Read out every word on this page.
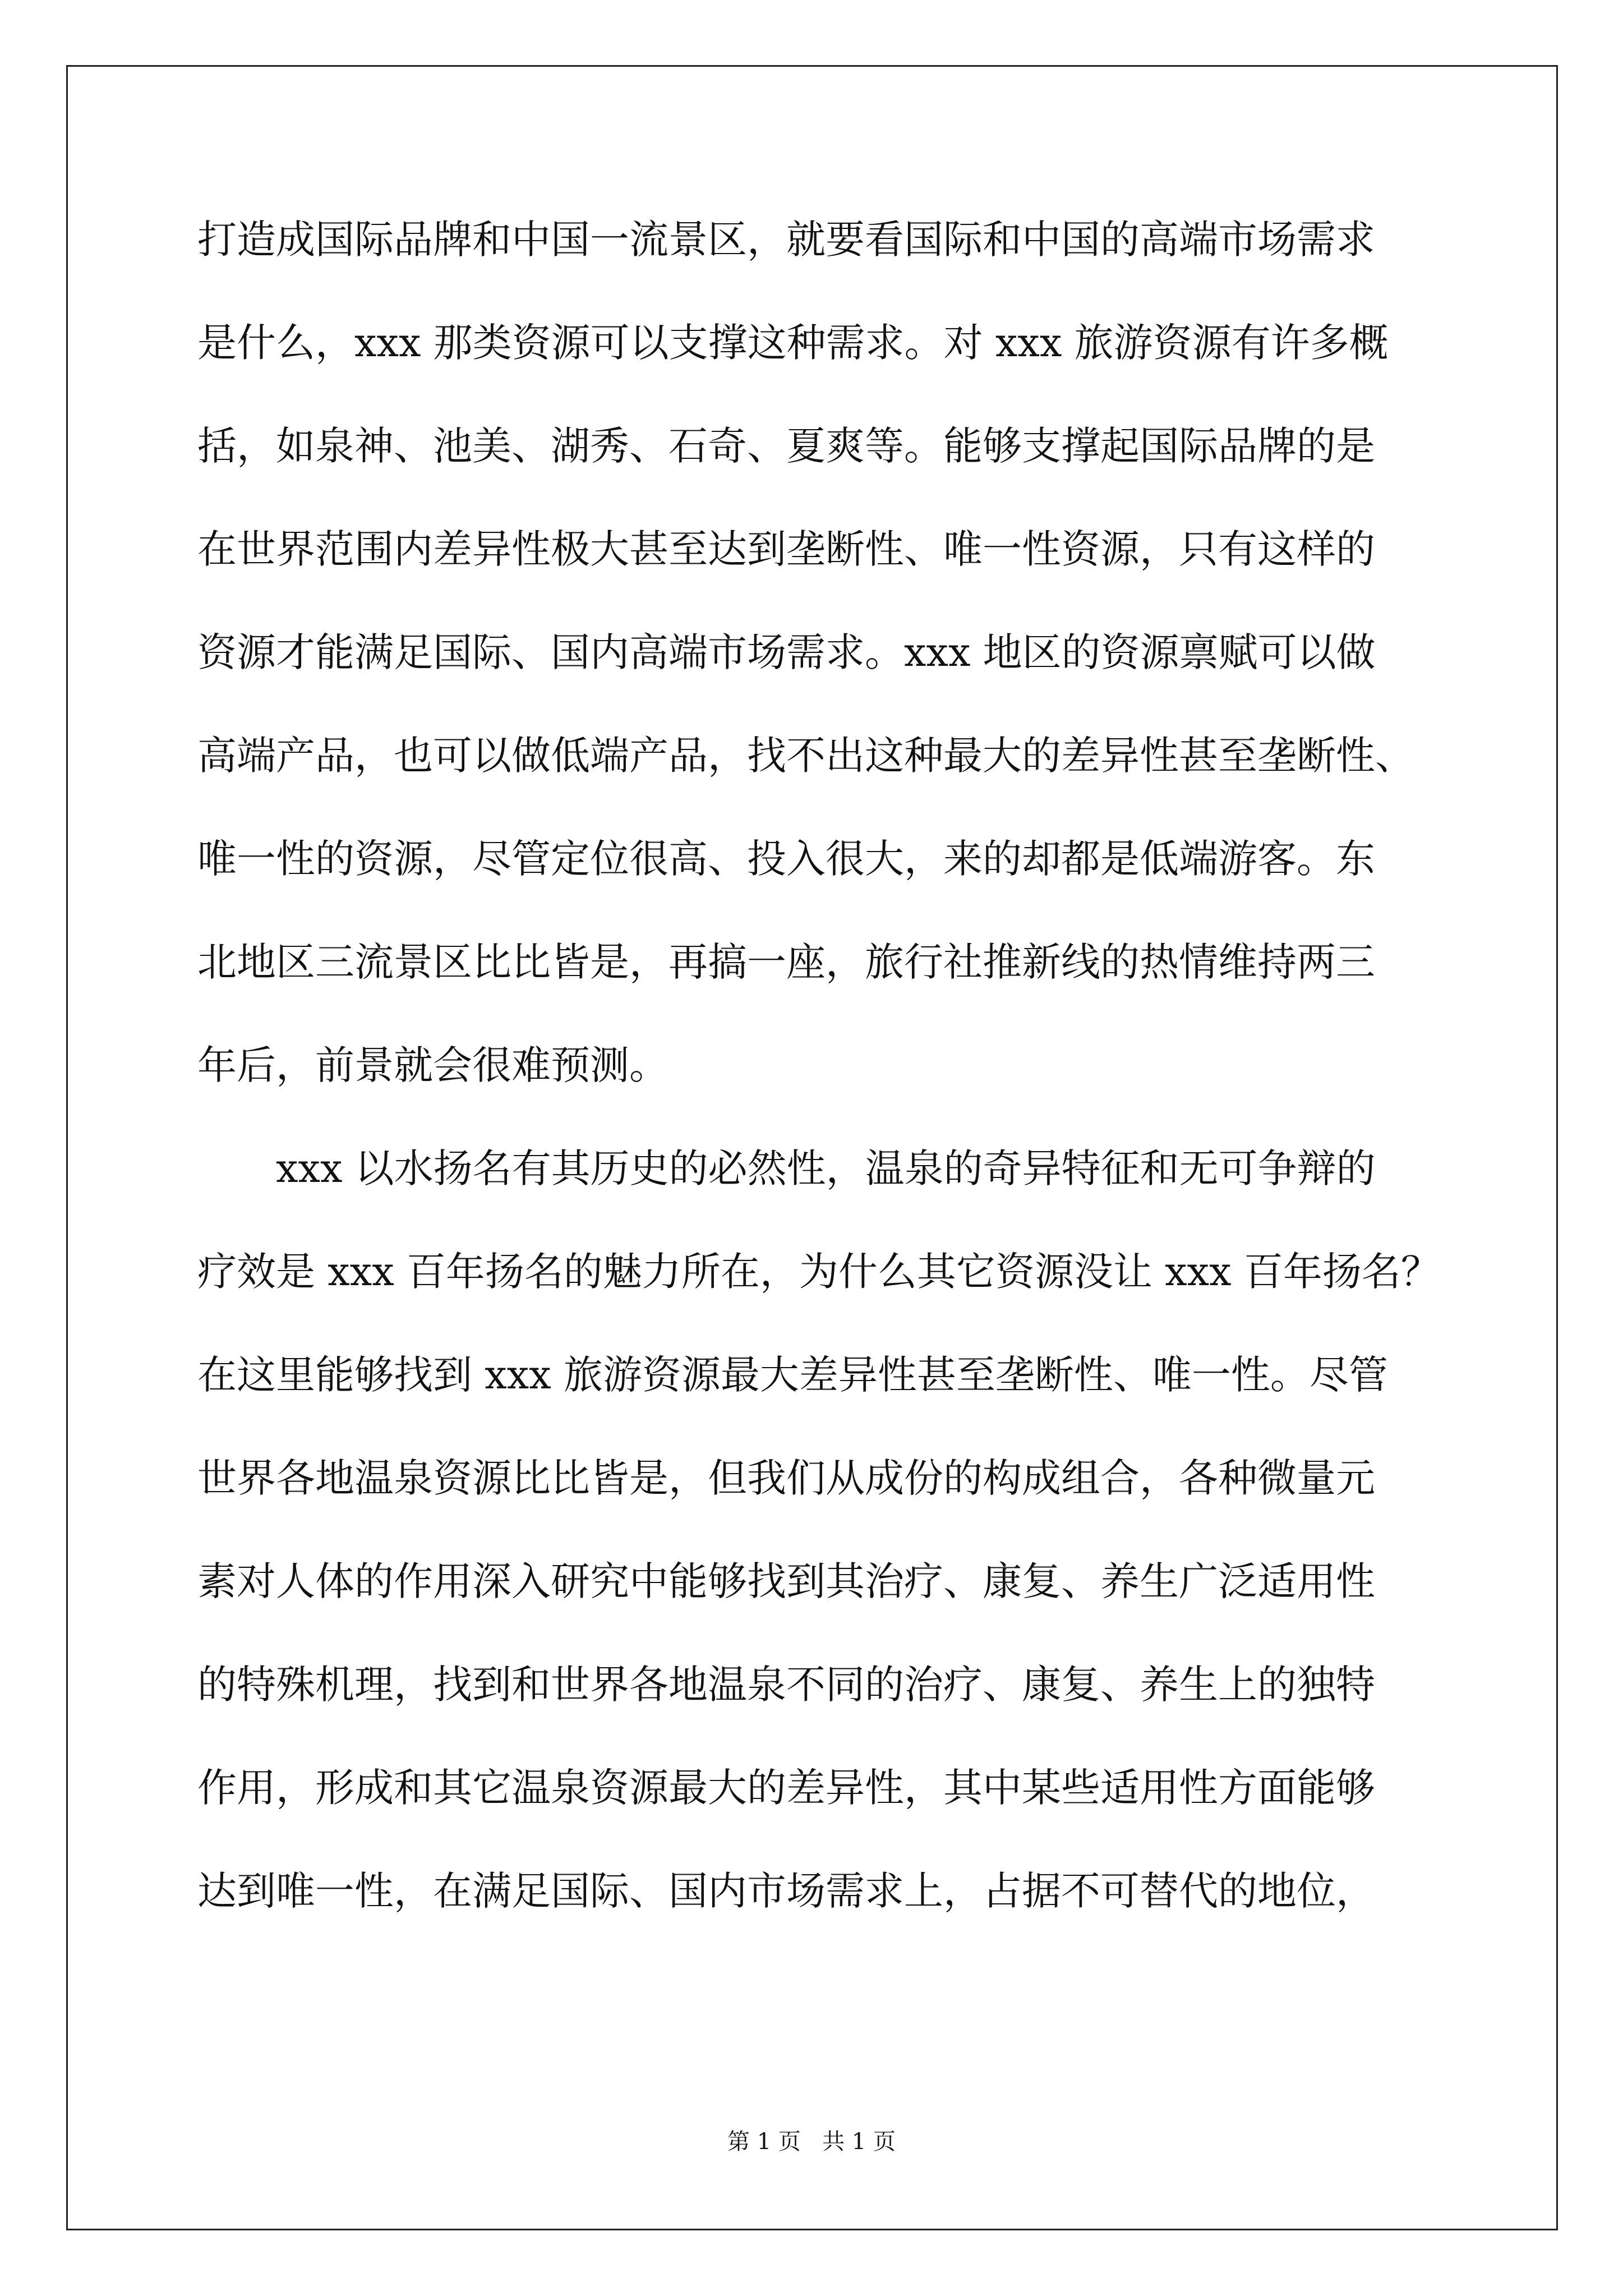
打造成国际品牌和中国一流景区，就要看国际和中国的高端市场需求
是什么，xxx 那类资源可以支撑这种需求。对 xxx 旅游资源有许多概
括，如泉神、池美、湖秀、石奇、夏爽等。能够支撑起国际品牌的是
在世界范围内差异性极大甚至达到垄断性、唯一性资源，只有这样的
资源才能满足国际、国内高端市场需求。xxx 地区的资源禀赋可以做
高端产品，也可以做低端产品，找不出这种最大的差异性甚至垄断性、
唯一性的资源，尽管定位很高、投入很大，来的却都是低端游客。东
北地区三流景区比比皆是，再搞一座，旅行社推新线的热情维持两三
年后，前景就会很难预测。
xxx 以水扬名有其历史的必然性，温泉的奇异特征和无可争辩的
疗效是 xxx 百年扬名的魅力所在，为什么其它资源没让 xxx 百年扬名？
在这里能够找到 xxx 旅游资源最大差异性甚至垄断性、唯一性。尽管
世界各地温泉资源比比皆是，但我们从成份的构成组合，各种微量元
素对人体的作用深入研究中能够找到其治疗、康复、养生广泛适用性
的特殊机理，找到和世界各地温泉不同的治疗、康复、养生上的独特
作用，形成和其它温泉资源最大的差异性，其中某些适用性方面能够
达到唯一性，在满足国际、国内市场需求上，占据不可替代的地位，
第 1 页 共 1 页
